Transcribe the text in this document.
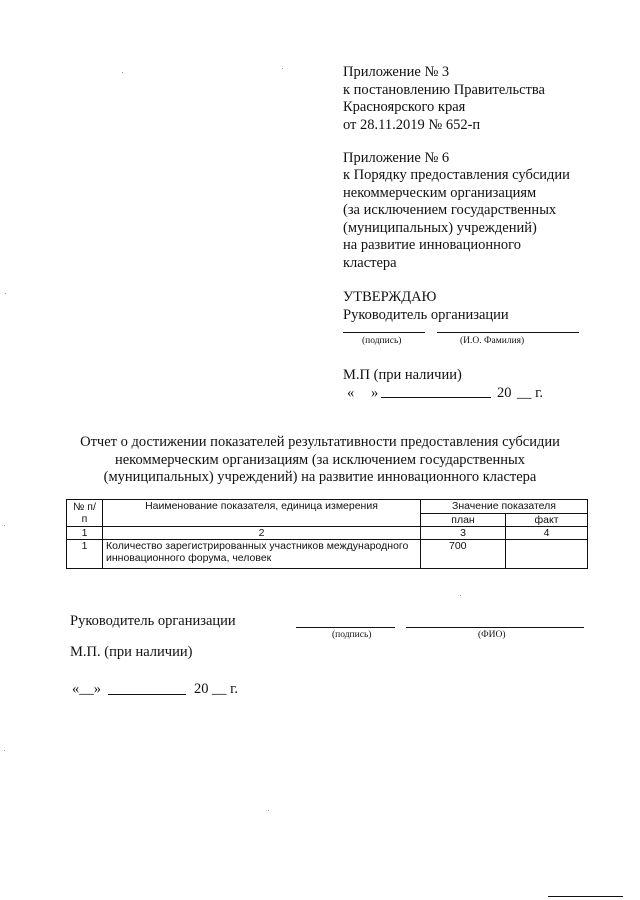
Приложение № 3
к постановлению Правительства
Красноярского края
от 28.11.2019 № 652-п
Приложение № 6
к Порядку предоставления субсидии
некоммерческим организациям
(за исключением государственных
(муниципальных) учреждений)
на развитие инновационного
кластера
УТВЕРЖДАЮ
Руководитель организации
(подпись)	(И.О. Фамилия)
М.П (при наличии)
« »	20 __ г.
Отчет о достижении показателей результативности предоставления субсидии
некоммерческим организациям (за исключением государственных
(муниципальных) учреждений) на развитие инновационного кластера
№ п/п	Наименование показателя, единица измерения	Значение показателя	
		план	факт
1	2	3	4
1	Количество зарегистрированных участников международного инновационного форума, человек	700	
Руководитель организации
(подпись)	(ФИО)
М.П. (при наличии)
«__»	20 __ г.
